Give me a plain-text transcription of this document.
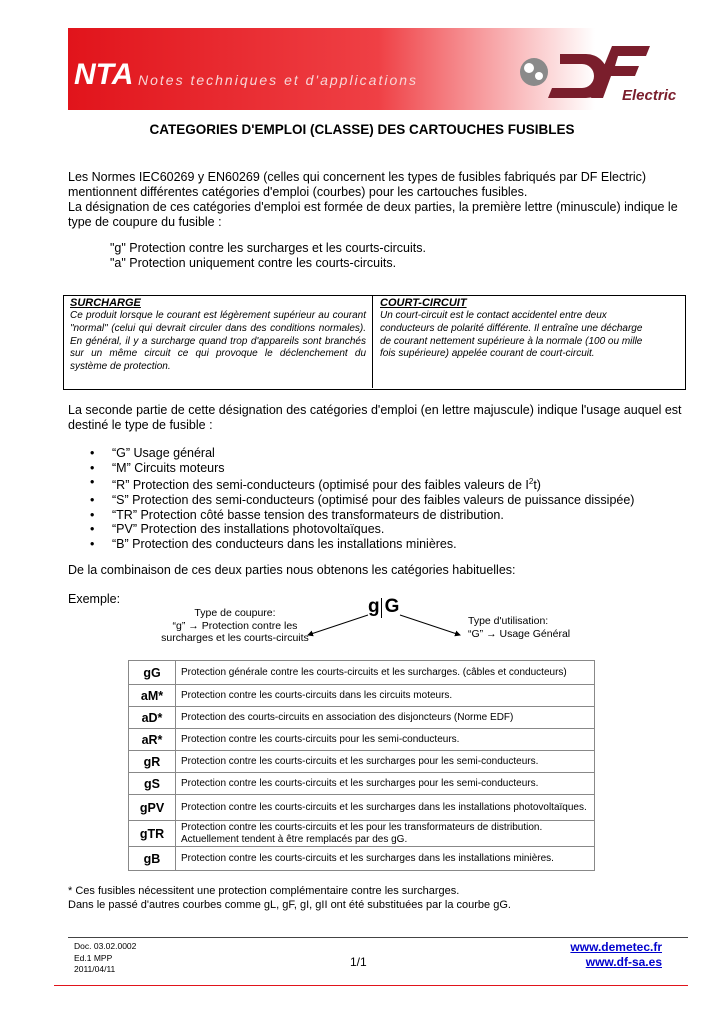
NTA Notes techniques et d'applications
Electric
CATEGORIES D'EMPLOI (CLASSE) DES CARTOUCHES FUSIBLES
Les Normes IEC60269 y EN60269 (celles qui concernent les types de fusibles fabriqués par DF Electric)
mentionnent différentes catégories d'emploi (courbes) pour les cartouches fusibles.
La désignation de ces catégories d'emploi est formée de deux parties, la première lettre (minuscule) indique le
type de coupure du fusible :
"g" Protection contre les surcharges et les courts-circuits.
"a" Protection uniquement contre les courts-circuits.
SURCHARGE
Ce produit lorsque le courant est légèrement supérieur au courant "normal" (celui qui devrait circuler dans des conditions normales). En général, il y a surcharge quand trop d'appareils sont branchés sur un même circuit ce qui provoque le déclenchement du système de protection.
COURT-CIRCUIT
Un court-circuit est le contact accidentel entre deux
conducteurs de polarité différente. Il entraîne une décharge
de courant nettement supérieure à la normale (100 ou mille
fois supérieure) appelée courant de court-circuit.
La seconde partie de cette désignation des catégories d'emploi (en lettre majuscule) indique l'usage auquel est
destiné le type de fusible :
• “G” Usage général
• “M” Circuits moteurs
• “R” Protection des semi-conducteurs (optimisé pour des faibles valeurs de $I^2t$)
• “S” Protection des semi-conducteurs (optimisé pour des faibles valeurs de puissance dissipée)
• “TR” Protection côté basse tension des transformateurs de distribution.
• “PV” Protection des installations photovoltaïques.
• “B” Protection des conducteurs dans les installations minières.
De la combinaison de ces deux parties nous obtenons les catégories habituelles:
Exemple:
Type de coupure:
“g” → Protection contre les
surcharges et les courts-circuits
g G
Type d'utilisation:
“G” → Usage Général
gG	Protection générale contre les courts-circuits et les surcharges. (câbles et conducteurs)
aM*	Protection contre les courts-circuits dans les circuits moteurs.
aD*	Protection des courts-circuits en association des disjoncteurs (Norme EDF)
aR*	Protection contre les courts-circuits pour les semi-conducteurs.
gR	Protection contre les courts-circuits et les surcharges pour les semi-conducteurs.
gS	Protection contre les courts-circuits et les surcharges pour les semi-conducteurs.
gPV	Protection contre les courts-circuits et les surcharges dans les installations photovoltaïques.
gTR	Protection contre les courts-circuits et les pour les transformateurs de distribution. Actuellement tendent à être remplacés par des gG.
gB	Protection contre les courts-circuits et les surcharges dans les installations minières.
* Ces fusibles nécessitent une protection complémentaire contre les surcharges.
Dans le passé d'autres courbes comme gL, gF, gI, gII ont été substituées par la courbe gG.
Doc. 03.02.0002
Ed.1 MPP
2011/04/11	1/1
www.demetec.fr
www.df-sa.es
